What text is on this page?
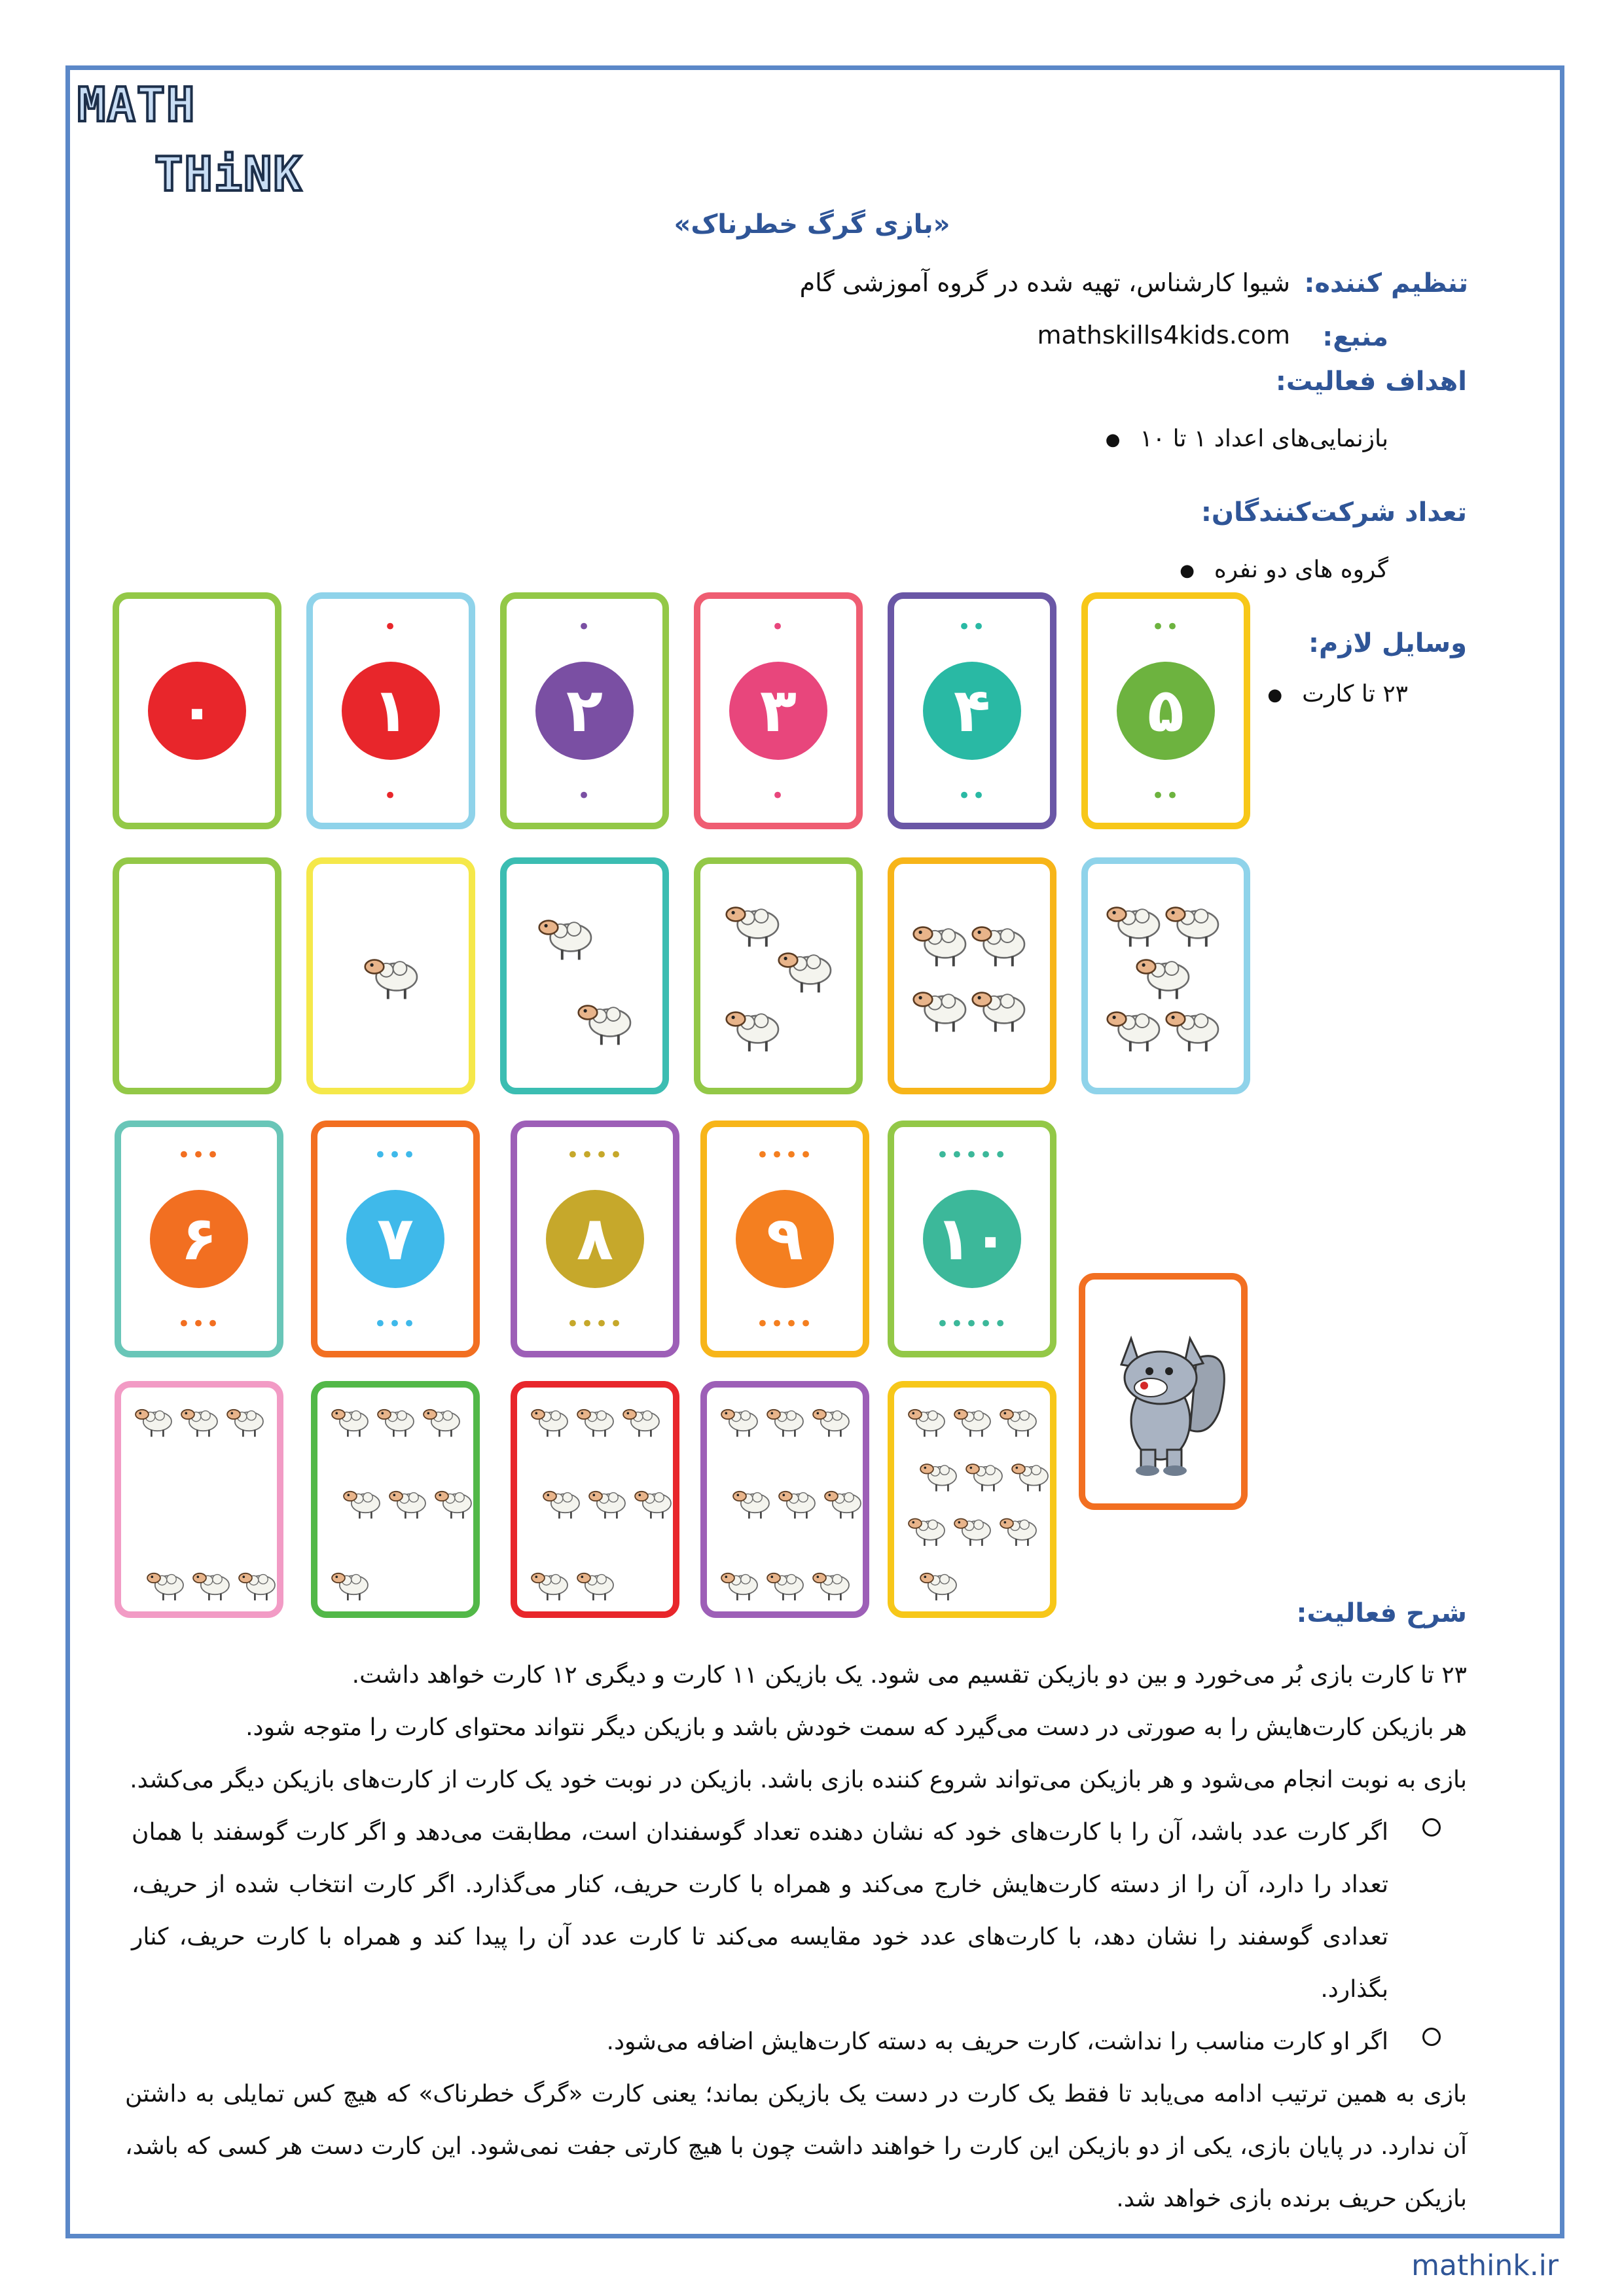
MATH
THiNK
«بازی گرگ خطرناک»
تنظیم کننده:
شیوا کارشناس، تهیه شده در گروه آموزشی گام
منبع:
mathskills4kids.com
اهداف فعالیت:
بازنمایی‌های اعداد ۱ تا ۱۰ ●
تعداد شرکت‌کنندگان:
گروه های دو نفره ●
وسایل لازم:
۲۳ تا کارت ●
۰	۱
•
•
۲
•
•
۳
•
•
۴
••
••
۵
••
••
۶
•••
•••
۷
•••
•••
۸
••••
••••
۹
••••
••••
۱۰
•••••
•••••
شرح فعالیت:
۲۳ تا کارت بازی بُر می‌خورد و بین دو بازیکن تقسیم می شود. یک بازیکن ۱۱ کارت و دیگری ۱۲ کارت خواهد داشت.
هر بازیکن کارت‌هایش را به صورتی در دست می‌گیرد که سمت خودش باشد و بازیکن دیگر نتواند محتوای کارت را متوجه شود.
بازی به نوبت انجام می‌شود و هر بازیکن می‌تواند شروع کننده بازی باشد. بازیکن در نوبت خود یک کارت از کارت‌های بازیکن دیگر می‌کشد.
اگر کارت عدد باشد، آن را با کارت‌های خود که نشان دهنده تعداد گوسفندان است، مطابقت می‌دهد و اگر کارت گوسفند با همان تعداد را دارد، آن را از دسته کارت‌هایش خارج می‌کند و همراه با کارت حریف، کنار می‌گذارد. اگر کارت انتخاب شده از حریف، تعدادی گوسفند را نشان دهد، با کارت‌های عدد خود مقایسه می‌کند تا کارت عدد آن را پیدا کند و همراه با کارت حریف، کنار بگذارد.
اگر او کارت مناسب را نداشت، کارت حریف به دسته کارت‌هایش اضافه می‌شود.
بازی به همین ترتیب ادامه می‌یابد تا فقط یک کارت در دست یک بازیکن بماند؛ یعنی کارت «گرگ خطرناک» که هیچ کس تمایلی به داشتن آن ندارد. در پایان بازی، یکی از دو بازیکن این کارت را خواهند داشت چون با هیچ کارتی جفت نمی‌شود. این کارت دست هر کسی که باشد، بازیکن حریف برنده بازی خواهد شد.
mathink.ir
